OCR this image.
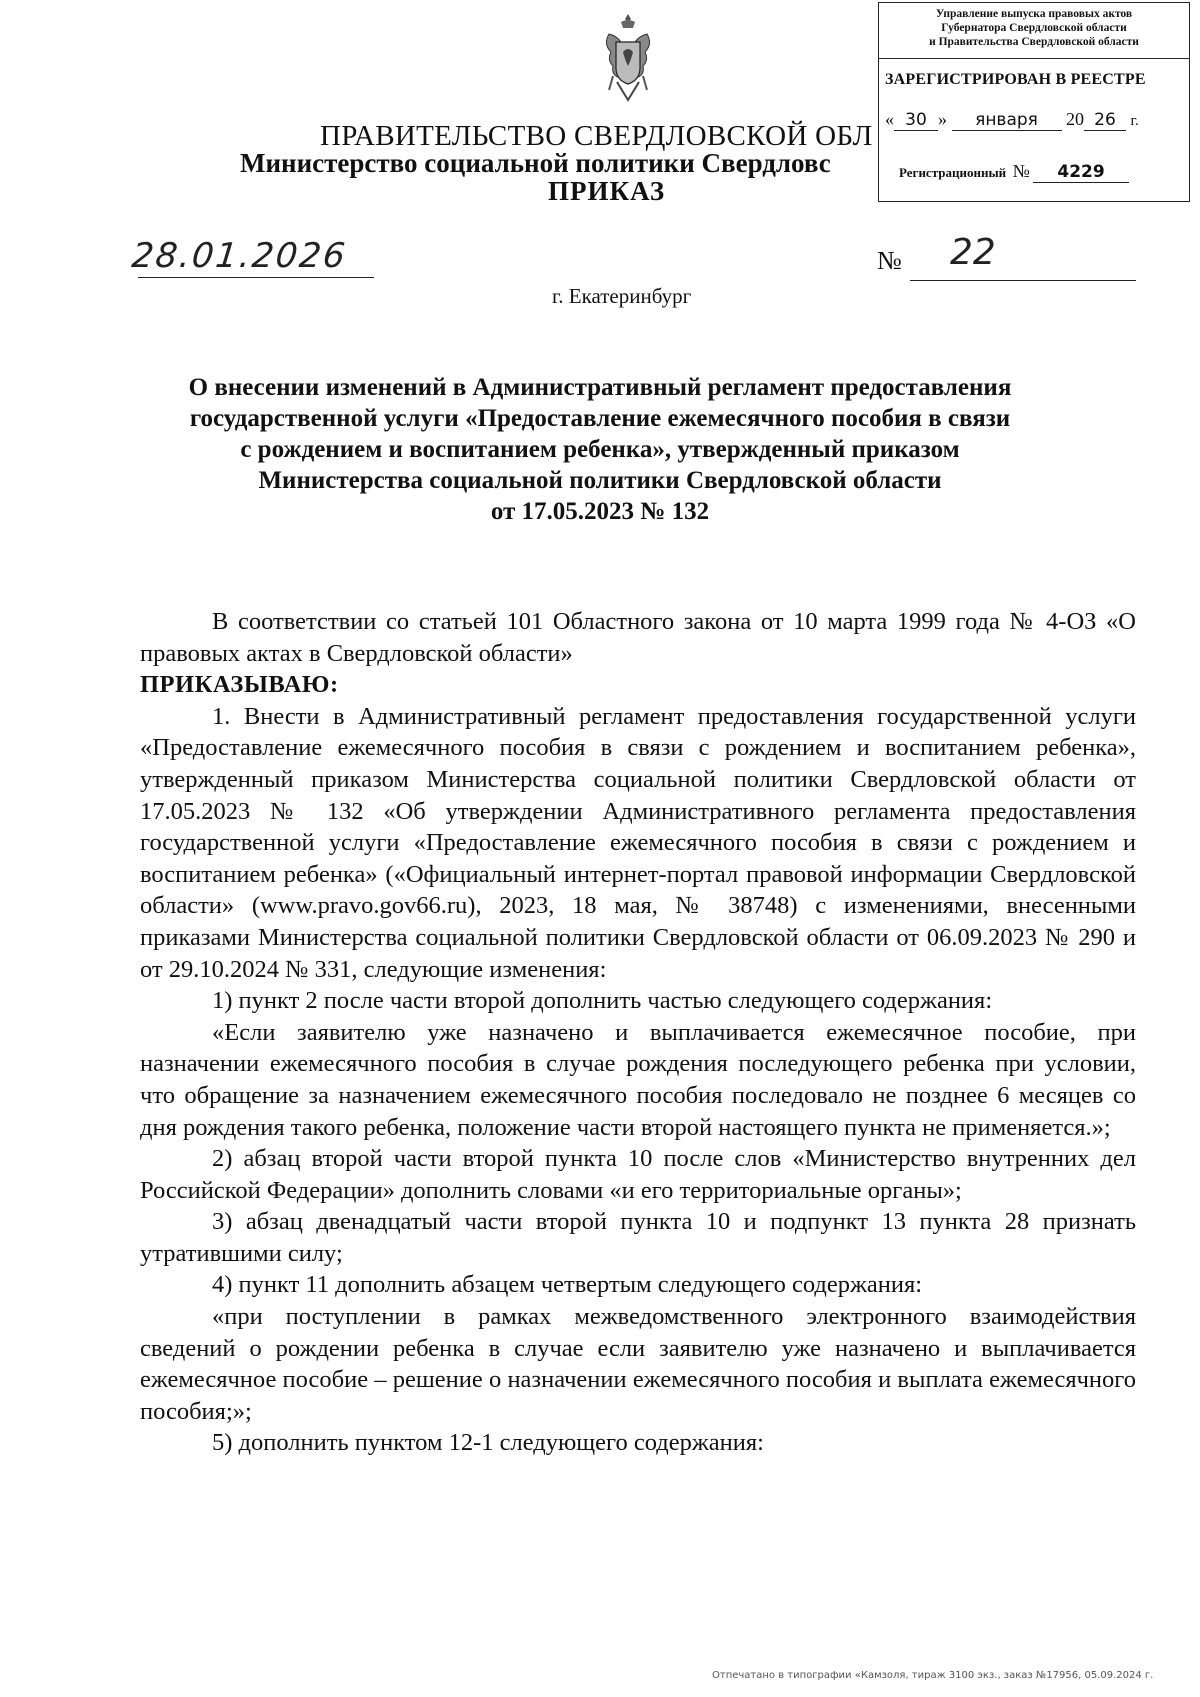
Управление выпуска правовых актов
Губернатора Свердловской области
и Правительства Свердловской области
ЗАРЕГИСТРИРОВАН В РЕЕСТРЕ
« 30 » января 20 26 г.
Регистрационный № 4229
ПРАВИТЕЛЬСТВО СВЕРДЛОВСКОЙ ОБЛ
Министерство социальной политики Свердловс
ПРИКАЗ
28.01.2026	№ 22
г. Екатеринбург
О внесении изменений в Административный регламент предоставления
государственной услуги «Предоставление ежемесячного пособия в связи
с рождением и воспитанием ребенка», утвержденный приказом
Министерства социальной политики Свердловской области
от 17.05.2023 № 132

В соответствии со статьей 101 Областного закона от 10 марта 1999 года № 4-ОЗ «О правовых актах в Свердловской области»

ПРИКАЗЫВАЮ:

1. Внести в Административный регламент предоставления государственной услуги «Предоставление ежемесячного пособия в связи с рождением и воспитанием ребенка», утвержденный приказом Министерства социальной политики Свердловской области от 17.05.2023 № 132 «Об утверждении Административного регламента предоставления государственной услуги «Предоставление ежемесячного пособия в связи с рождением и воспитанием ребенка» («Официальный интернет-портал правовой информации Свердловской области» (www.pravo.gov66.ru), 2023, 18 мая, № 38748) с изменениями, внесенными приказами Министерства социальной политики Свердловской области от 06.09.2023 № 290 и от 29.10.2024 № 331, следующие изменения:

1) пункт 2 после части второй дополнить частью следующего содержания:

«Если заявителю уже назначено и выплачивается ежемесячное пособие, при назначении ежемесячного пособия в случае рождения последующего ребенка при условии, что обращение за назначением ежемесячного пособия последовало не позднее 6 месяцев со дня рождения такого ребенка, положение части второй настоящего пункта не применяется.»;

2) абзац второй части второй пункта 10 после слов «Министерство внутренних дел Российской Федерации» дополнить словами «и его территориальные органы»;

3) абзац двенадцатый части второй пункта 10 и подпункт 13 пункта 28 признать утратившими силу;

4) пункт 11 дополнить абзацем четвертым следующего содержания:

«при поступлении в рамках межведомственного электронного взаимодействия сведений о рождении ребенка в случае если заявителю уже назначено и выплачивается ежемесячное пособие – решение о назначении ежемесячного пособия и выплата ежемесячного пособия;»;

5) дополнить пунктом 12-1 следующего содержания:

Отпечатано в типографии «Камзоля, тираж 3100 экз., заказ №17956, 05.09.2024 г.
